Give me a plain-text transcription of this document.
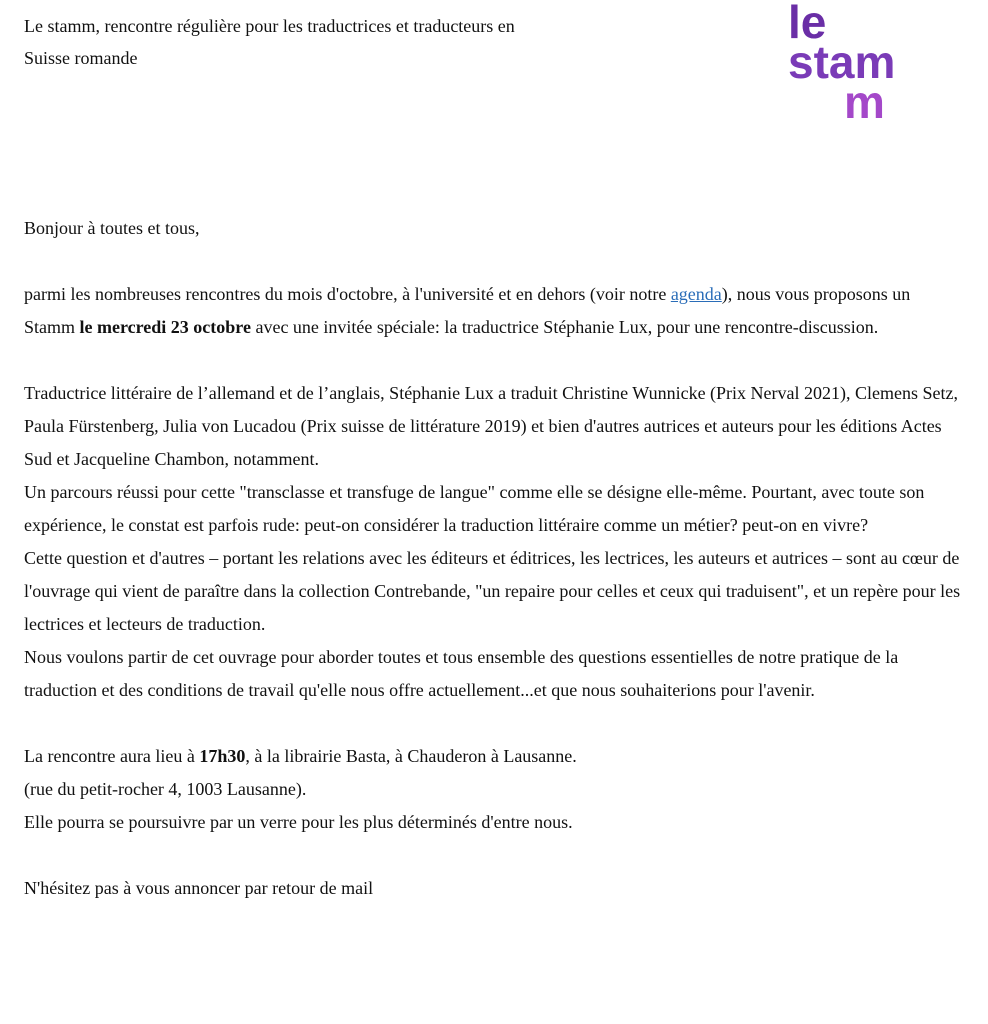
Le stamm, rencontre régulière pour les traductrices et traducteurs en
Suisse romande
le
stam
m

Bonjour à toutes et tous,

parmi les nombreuses rencontres du mois d'octobre, à l'université et en dehors (voir notre agenda), nous vous proposons un Stamm le mercredi 23 octobre avec une invitée spéciale: la traductrice Stéphanie Lux, pour une rencontre-discussion.

Traductrice littéraire de l’allemand et de l’anglais, Stéphanie Lux a traduit Christine Wunnicke (Prix Nerval 2021), Clemens Setz, Paula Fürstenberg, Julia von Lucadou (Prix suisse de littérature 2019) et bien d'autres autrices et auteurs pour les éditions Actes Sud et Jacqueline Chambon, notamment.

Un parcours réussi pour cette "transclasse et transfuge de langue" comme elle se désigne elle-même. Pourtant, avec toute son expérience, le constat est parfois rude: peut-on considérer la traduction littéraire comme un métier? peut-on en vivre?

Cette question et d'autres – portant les relations avec les éditeurs et éditrices, les lectrices, les auteurs et autrices – sont au cœur de l'ouvrage qui vient de paraître dans la collection Contrebande, "un repaire pour celles et ceux qui traduisent", et un repère pour les lectrices et lecteurs de traduction.

Nous voulons partir de cet ouvrage pour aborder toutes et tous ensemble des questions essentielles de notre pratique de la traduction et des conditions de travail qu'elle nous offre actuellement...et que nous souhaiterions pour l'avenir.

La rencontre aura lieu à 17h30, à la librairie Basta, à Chauderon à Lausanne.

(rue du petit-rocher 4, 1003 Lausanne).

Elle pourra se poursuivre par un verre pour les plus déterminés d'entre nous.

N'hésitez pas à vous annoncer par retour de mail
